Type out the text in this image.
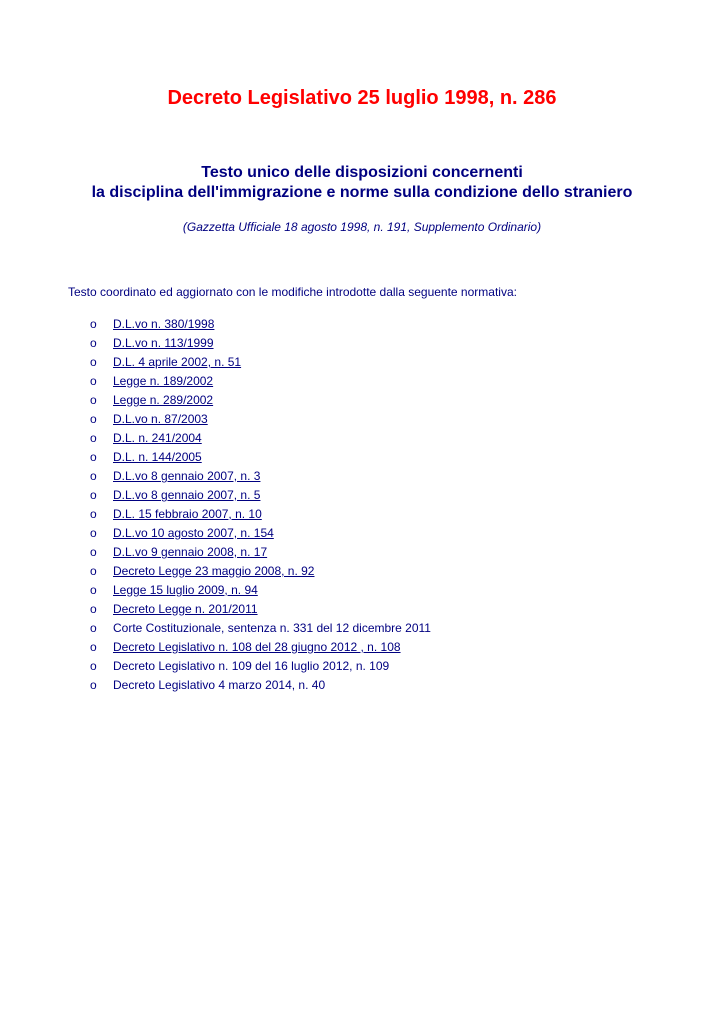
Decreto Legislativo 25 luglio 1998, n. 286
Testo unico delle disposizioni concernenti
la disciplina dell'immigrazione e norme sulla condizione dello straniero
(Gazzetta Ufficiale 18 agosto 1998, n. 191, Supplemento Ordinario)
Testo coordinato ed aggiornato con le modifiche introdotte dalla seguente normativa:
o D.L.vo n. 380/1998
o D.L.vo n. 113/1999
o D.L. 4 aprile 2002, n. 51
o Legge n. 189/2002
o Legge n. 289/2002
o D.L.vo n. 87/2003
o D.L. n. 241/2004
o D.L. n. 144/2005
o D.L.vo 8 gennaio 2007, n. 3
o D.L.vo 8 gennaio 2007, n. 5
o D.L. 15 febbraio 2007, n. 10
o D.L.vo 10 agosto 2007, n. 154
o D.L.vo 9 gennaio 2008, n. 17
o Decreto Legge 23 maggio 2008, n. 92
o Legge 15 luglio 2009, n. 94
o Decreto Legge n. 201/2011
o Corte Costituzionale, sentenza n. 331 del 12 dicembre 2011
o Decreto Legislativo n. 108 del 28 giugno 2012 , n. 108
o Decreto Legislativo n. 109 del 16 luglio 2012, n. 109
o Decreto Legislativo 4 marzo 2014, n. 40
